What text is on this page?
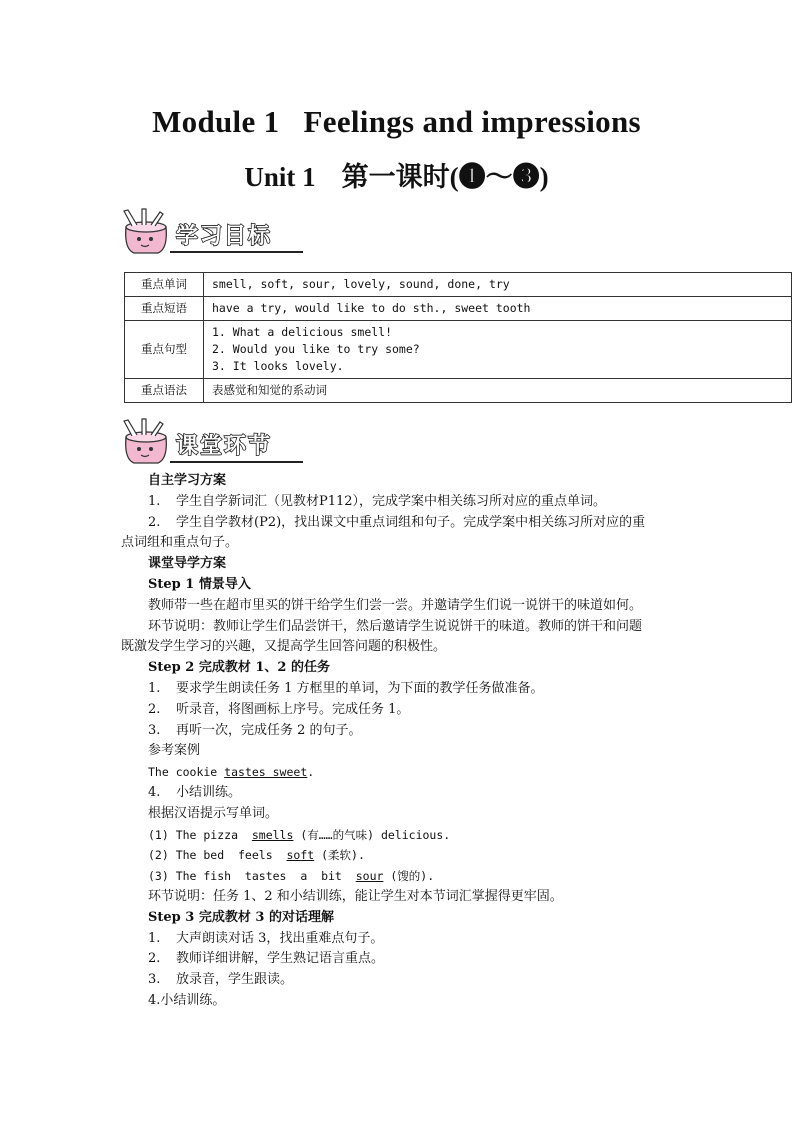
Module 1   Feelings and impressions
Unit 1 第一课时(❶～❸)
学习目标
重点单词	smell, soft, sour, lovely, sound, done, try
重点短语	have a try, would like to do sth., sweet tooth
重点句型	1. What a delicious smell!
2. Would you like to try some?
3. It looks lovely.

重点语法	表感觉和知觉的系动词
课堂环节
自主学习方案
1. 学生自学新词汇（见教材P112），完成学案中相关练习所对应的重点单词。
2. 学生自学教材(P2)，找出课文中重点词组和句子。完成学案中相关练习所对应的重
点词组和重点句子。
课堂导学方案
Step 1 情景导入
教师带一些在超市里买的饼干给学生们尝一尝。并邀请学生们说一说饼干的味道如何。
环节说明：教师让学生们品尝饼干，然后邀请学生说说饼干的味道。教师的饼干和问题
既激发学生学习的兴趣，又提高学生回答问题的积极性。
Step 2 完成教材 1、2 的任务
1. 要求学生朗读任务 1 方框里的单词，为下面的教学任务做准备。
2. 听录音，将图画标上序号。完成任务 1。
3. 再听一次，完成任务 2 的句子。
参考案例
The cookie tastes sweet.
4. 小结训练。
根据汉语提示写单词。
(1) The pizza  smells (有……的气味) delicious.
(2) The bed  feels  soft (柔软).
(3) The fish  tastes  a  bit  sour (馊的).
环节说明：任务 1、2 和小结训练，能让学生对本节词汇掌握得更牢固。
Step 3 完成教材 3 的对话理解
1. 大声朗读对话 3，找出重难点句子。
2. 教师详细讲解，学生熟记语言重点。
3. 放录音，学生跟读。
4.小结训练。
